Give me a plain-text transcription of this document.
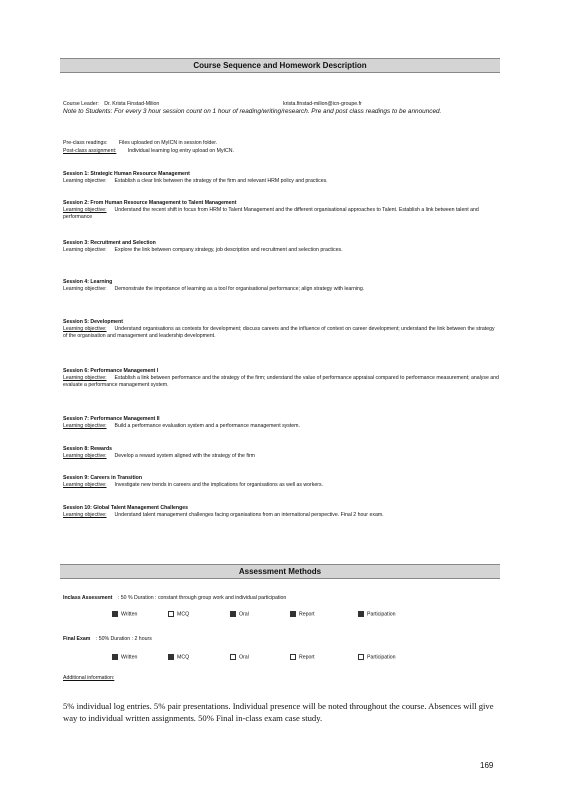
Course Sequence and Homework Description
Course Leader: Dr. Krista Finstad-Milion	krista.finstad-milion@icn-groupe.fr
Note to Students: For every 3 hour session count on 1 hour of reading/writing/research. Pre and post class readings to be announced.
Pre-class readings: Files uploaded on MyICN in session folder.
Post-class assignment: Individual learning log entry upload on MyICN.
Session 1: Strategic Human Resource Management
Learning objective: Establish a clear link between the strategy of the firm and relevant HRM policy and practices.
Session 2: From Human Resource Management to Talent Management
Learning objective: Understand the recent shift in focus from HRM to Talent Management and the different organisational approaches to Talent. Establish a link between talent and performance
Session 3: Recruitment and Selection
Learning objective: Explore the link between company strategy, job description and recruitment and selection practices.
Session 4: Learning
Learning objective: Demonstrate the importance of learning as a tool for organisational performance; align strategy with learning.
Session 5: Development
Learning objective: Understand organisations as contexts for development; discuss careers and the influence of context on career development; understand the link between the strategy of the organisation and management and leadership development.
Session 6: Performance Management I
Learning objective: Establish a link between performance and the strategy of the firm; understand the value of performance appraisal compared to performance measurement; analyse and evaluate a performance management system.
Session 7: Performance Management II
Learning objective: Build a performance evaluation system and a performance management system.
Session 8: Rewards
Learning objective: Develop a reward system aligned with the strategy of the firm
Session 9: Careers in Transition
Learning objective: Investigate new trends in careers and the implications for organisations as well as workers.
Session 10: Global Talent Management Challenges
Learning objective: Understand talent management challenges facing organisations from an international perspective. Final 2 hour exam.
Assessment Methods
Inclass Assessment : 50 % Duration : constant through group work and individual participation
Written	MCQ	Oral	Report	Participation
Final Exam : 50% Duration : 2 hours
Written	MCQ	Oral	Report	Participation
Additional information:
5% individual log entries. 5% pair presentations. Individual presence will be noted throughout the course. Absences will give way to individual written assignments. 50% Final in-class exam case study.
169
